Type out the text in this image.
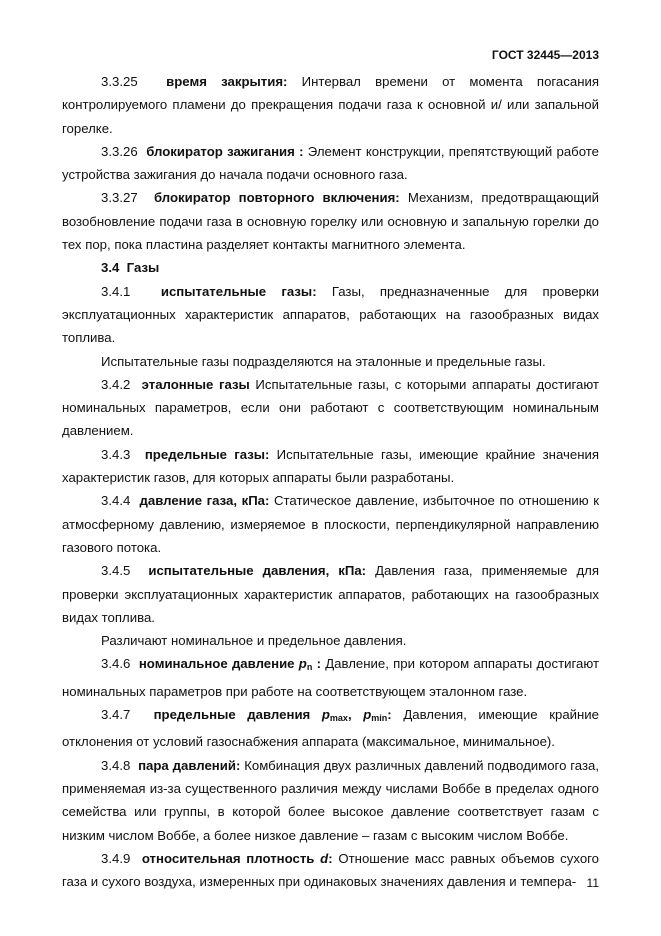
ГОСТ 32445—2013

3.3.25 время закрытия: Интервал времени от момента погасания контролируемого пламени до прекращения подачи газа к основной и/ или запальной горелке.

3.3.26 блокиратор зажигания : Элемент конструкции, препятствующий работе устройства зажигания до начала подачи основного газа.

3.3.27 блокиратор повторного включения: Механизм, предотвращающий возобновление подачи газа в основную горелку или основную и запальную горелки до тех пор, пока пластина разделяет контакты магнитного элемента.

3.4 Газы

3.4.1 испытательные газы: Газы, предназначенные для проверки эксплуатационных характеристик аппаратов, работающих на газообразных видах топлива.

Испытательные газы подразделяются на эталонные и предельные газы.

3.4.2 эталонные газы Испытательные газы, с которыми аппараты достигают номинальных параметров, если они работают с соответствующим номинальным давлением.

3.4.3 предельные газы: Испытательные газы, имеющие крайние значения характеристик газов, для которых аппараты были разработаны.

3.4.4 давление газа, кПа: Статическое давление, избыточное по отношению к атмосферному давлению, измеряемое в плоскости, перпендикулярной направлению газового потока.

3.4.5 испытательные давления, кПа: Давления газа, применяемые для проверки эксплуатационных характеристик аппаратов, работающих на газообразных видах топлива.

Различают номинальное и предельное давления.

3.4.6 номинальное давление $p_n$ : Давление, при котором аппараты достигают номинальных параметров при работе на соответствующем эталонном газе.

3.4.7 предельные давления $p_{max}$, $p_{min}$: Давления, имеющие крайние отклонения от условий газоснабжения аппарата (максимальное, минимальное).

3.4.8 пара давлений: Комбинация двух различных давлений подводимого газа, применяемая из-за существенного различия между числами Воббе в пределах одного семейства или группы, в которой более высокое давление соответствует газам с низким числом Воббе, а более низкое давление – газам с высоким числом Воббе.

3.4.9 относительная плотность d: Отношение масс равных объемов сухого газа и сухого воздуха, измеренных при одинаковых значениях давления и темпера- 11
